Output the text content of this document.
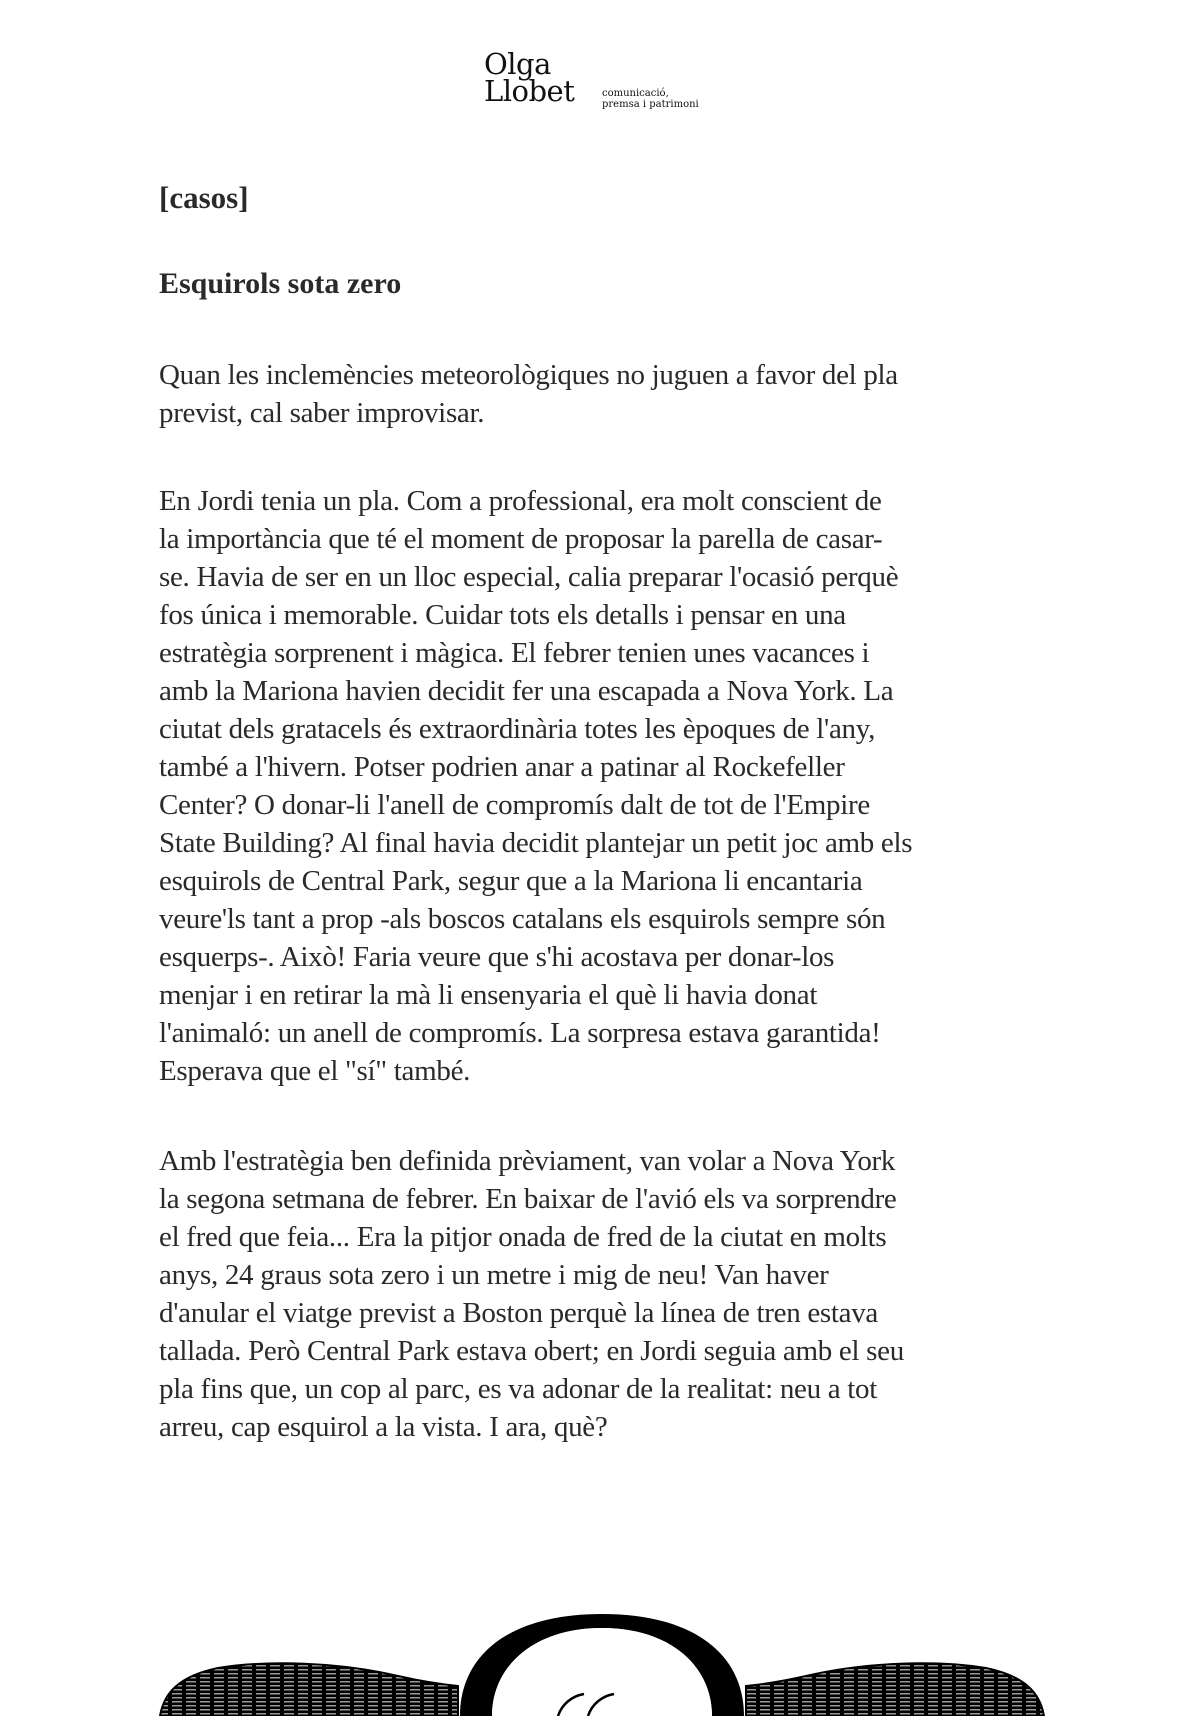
Olga
Llobet	comunicació,
premsa i patrimoni
[casos]
Esquirols sota zero
Quan les inclemències meteorològiques no juguen a favor del pla
previst, cal saber improvisar.
En Jordi tenia un pla. Com a professional, era molt conscient de
la importància que té el moment de proposar la parella de casar-
se. Havia de ser en un lloc especial, calia preparar l'ocasió perquè
fos única i memorable. Cuidar tots els detalls i pensar en una
estratègia sorprenent i màgica. El febrer tenien unes vacances i
amb la Mariona havien decidit fer una escapada a Nova York. La
ciutat dels gratacels és extraordinària totes les èpoques de l'any,
també a l'hivern. Potser podrien anar a patinar al Rockefeller
Center? O donar-li l'anell de compromís dalt de tot de l'Empire
State Building? Al final havia decidit plantejar un petit joc amb els
esquirols de Central Park, segur que a la Mariona li encantaria
veure'ls tant a prop -als boscos catalans els esquirols sempre són
esquerps-. Això! Faria veure que s'hi acostava per donar-los
menjar i en retirar la mà li ensenyaria el què li havia donat
l'animaló: un anell de compromís. La sorpresa estava garantida!
Esperava que el "sí" també.
Amb l'estratègia ben definida prèviament, van volar a Nova York
la segona setmana de febrer. En baixar de l'avió els va sorprendre
el fred que feia... Era la pitjor onada de fred de la ciutat en molts
anys, 24 graus sota zero i un metre i mig de neu! Van haver
d'anular el viatge previst a Boston perquè la línea de tren estava
tallada. Però Central Park estava obert; en Jordi seguia amb el seu
pla fins que, un cop al parc, es va adonar de la realitat: neu a tot
arreu, cap esquirol a la vista. I ara, què?
